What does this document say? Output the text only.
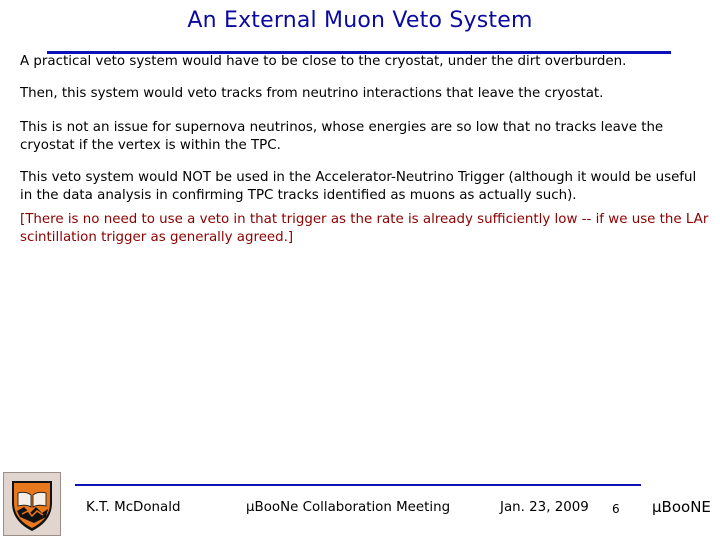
An External Muon Veto System
A practical veto system would have to be close to the cryostat, under the dirt overburden.
Then, this system would veto tracks from neutrino interactions that leave the cryostat.
This is not an issue for supernova neutrinos, whose energies are so low that no tracks leave the cryostat if the vertex is within the TPC.
This veto system would NOT be used in the Accelerator-Neutrino Trigger (although it would be useful in the data analysis in confirming TPC tracks identified as muons as actually such).
[There is no need to use a veto in that trigger as the rate is already sufficiently low -- if we use the LAr scintillation trigger as generally agreed.]
K.T. McDonald	μBooNe Collaboration Meeting	Jan. 23, 2009 6 μBooNE
